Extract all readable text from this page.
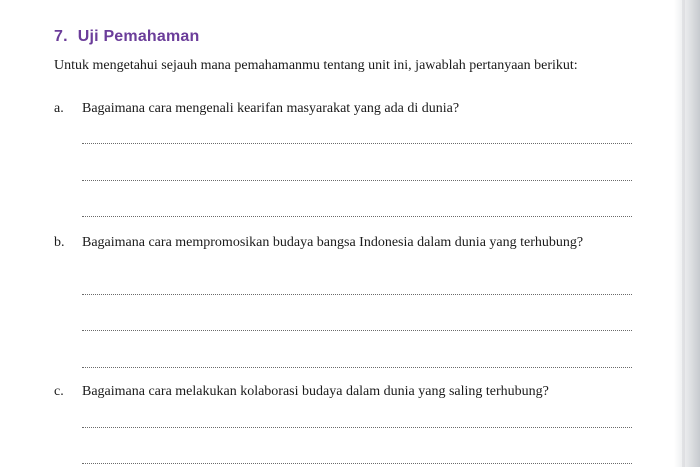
7. Uji Pemahaman
Untuk mengetahui sejauh mana pemahamanmu tentang unit ini, jawablah pertanyaan berikut:
a. Bagaimana cara mengenali kearifan masyarakat yang ada di dunia?
b. Bagaimana cara mempromosikan budaya bangsa Indonesia dalam dunia yang terhubung?
c. Bagaimana cara melakukan kolaborasi budaya dalam dunia yang saling terhubung?
